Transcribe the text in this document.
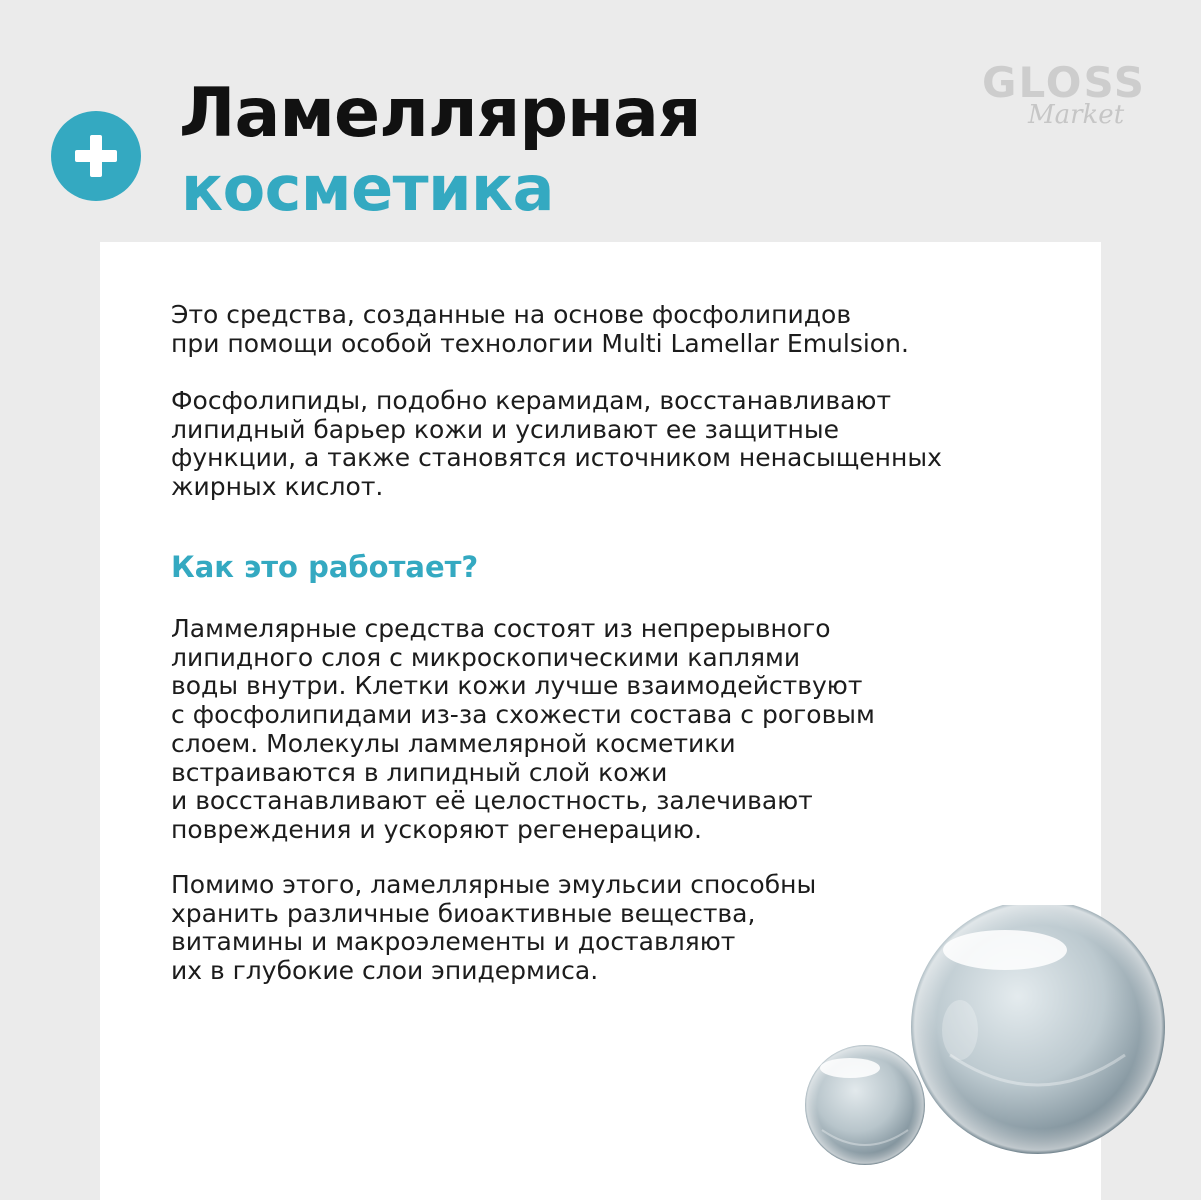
Ламеллярная
косметика
GLOSS
Market

Это средства, созданные на основе фосфолипидов
при помощи особой технологии Multi Lamellar Emulsion.

Фосфолипиды, подобно керамидам, восстанавливают
липидный барьер кожи и усиливают ее защитные
функции, а также становятся источником ненасыщенных
жирных кислот.

Как это работает?

Ламмелярные средства состоят из непрерывного
липидного слоя с микроскопическими каплями
воды внутри. Клетки кожи лучше взаимодействуют
с фосфолипидами из-за схожести состава с роговым
слоем. Молекулы ламмелярной косметики
встраиваются в липидный слой кожи
и восстанавливают её целостность, залечивают
повреждения и ускоряют регенерацию.

Помимо этого, ламеллярные эмульсии способны
хранить различные биоактивные вещества,
витамины и макроэлементы и доставляют
их в глубокие слои эпидермиса.
